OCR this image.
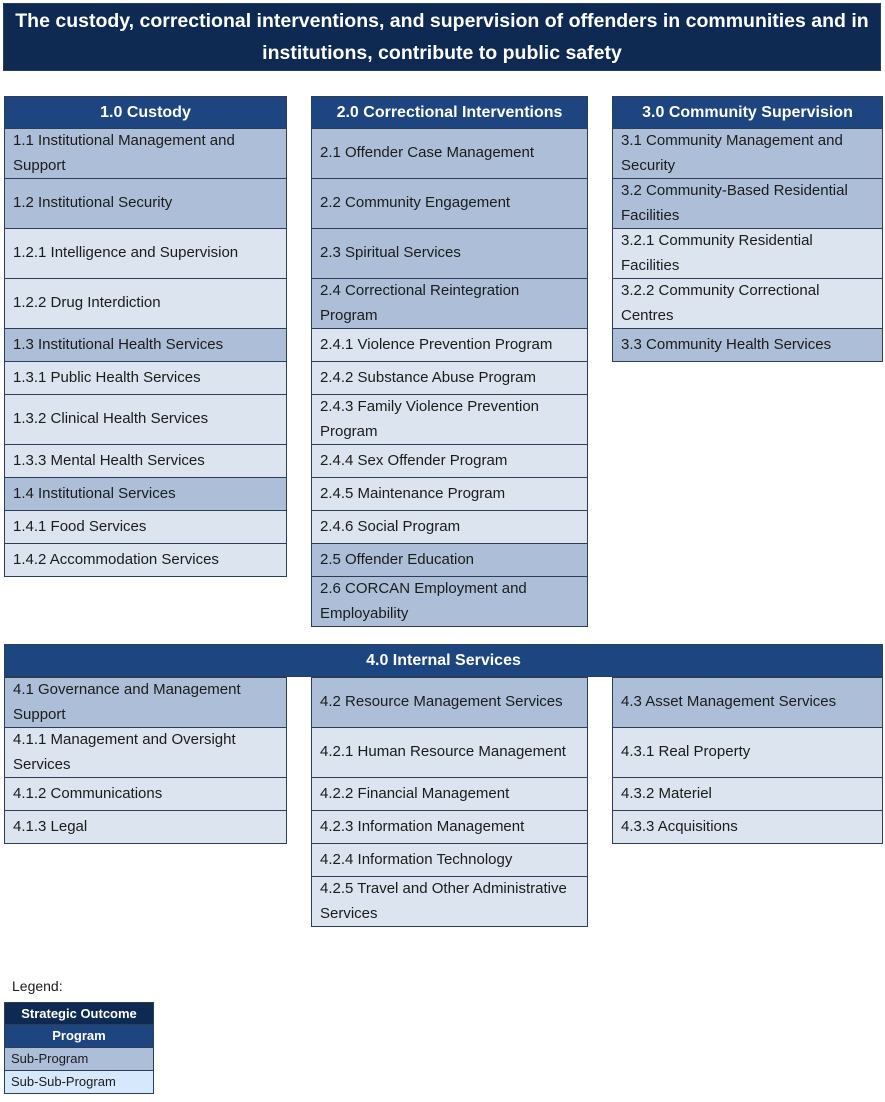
The custody, correctional interventions, and supervision of offenders in communities and in institutions, contribute to public safety
1.0 Custody
1.1 Institutional Management and Support
1.2 Institutional Security
1.2.1 Intelligence and Supervision
1.2.2 Drug Interdiction
1.3 Institutional Health Services
1.3.1 Public Health Services
1.3.2 Clinical Health Services
1.3.3 Mental Health Services
1.4 Institutional Services
1.4.1 Food Services
1.4.2 Accommodation Services
2.0 Correctional Interventions
2.1 Offender Case Management
2.2 Community Engagement
2.3 Spiritual Services
2.4 Correctional Reintegration Program
2.4.1 Violence Prevention Program
2.4.2 Substance Abuse Program
2.4.3 Family Violence Prevention Program
2.4.4 Sex Offender Program
2.4.5 Maintenance Program
2.4.6 Social Program
2.5 Offender Education
2.6 CORCAN Employment and Employability
3.0 Community Supervision
3.1 Community Management and Security
3.2 Community-Based Residential Facilities
3.2.1 Community Residential Facilities
3.2.2 Community Correctional Centres
3.3 Community Health Services
4.0 Internal Services
4.1 Governance and Management Support
4.1.1 Management and Oversight Services
4.1.2 Communications
4.1.3 Legal
4.2 Resource Management Services
4.2.1 Human Resource Management
4.2.2 Financial Management
4.2.3 Information Management
4.2.4 Information Technology
4.2.5 Travel and Other Administrative Services
4.3 Asset Management Services
4.3.1 Real Property
4.3.2 Materiel
4.3.3 Acquisitions
Legend:
Strategic Outcome
Program
Sub-Program
Sub-Sub-Program
